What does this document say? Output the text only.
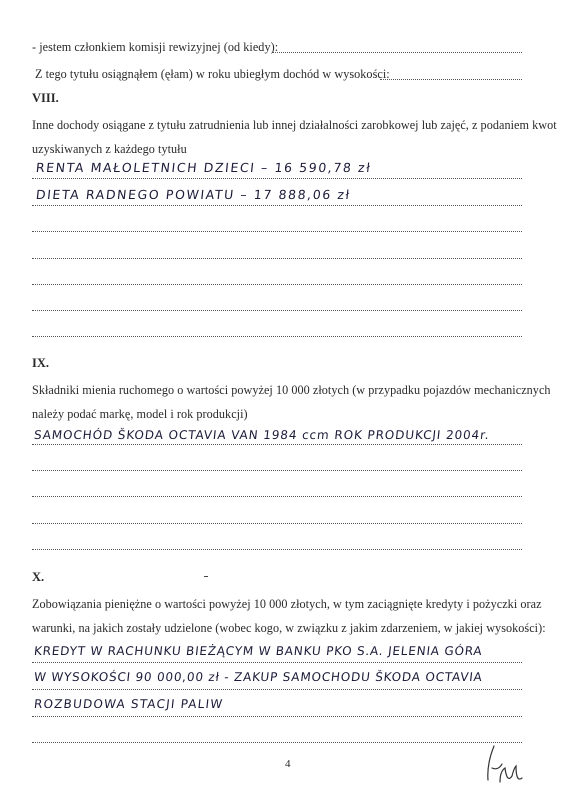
- jestem członkiem komisji rewizyjnej (od kiedy):
Z tego tytułu osiągnąłem (ęłam) w roku ubiegłym dochód w wysokości:
VIII.
Inne dochody osiągane z tytułu zatrudnienia lub innej działalności zarobkowej lub zajęć, z podaniem kwot
uzyskiwanych z każdego tytułu
RENTA MAŁOLETNICH DZIECI – 16 590,78 zł
DIETA RADNEGO POWIATU – 17 888,06 zł
IX.
Składniki mienia ruchomego o wartości powyżej 10 000 złotych (w przypadku pojazdów mechanicznych
należy podać markę, model i rok produkcji)
SAMOCHÓD ŠKODA OCTAVIA VAN 1984 ccm ROK PRODUKCJI 2004r.
X.
Zobowiązania pieniężne o wartości powyżej 10 000 złotych, w tym zaciągnięte kredyty i pożyczki oraz
warunki, na jakich zostały udzielone (wobec kogo, w związku z jakim zdarzeniem, w jakiej wysokości):
KREDYT W RACHUNKU BIEŻĄCYM W BANKU PKO S.A. JELENIA GÓRA
W WYSOKOŚCI 90 000,00 zł - ZAKUP SAMOCHODU ŠKODA OCTAVIA
ROZBUDOWA STACJI PALIW
4
